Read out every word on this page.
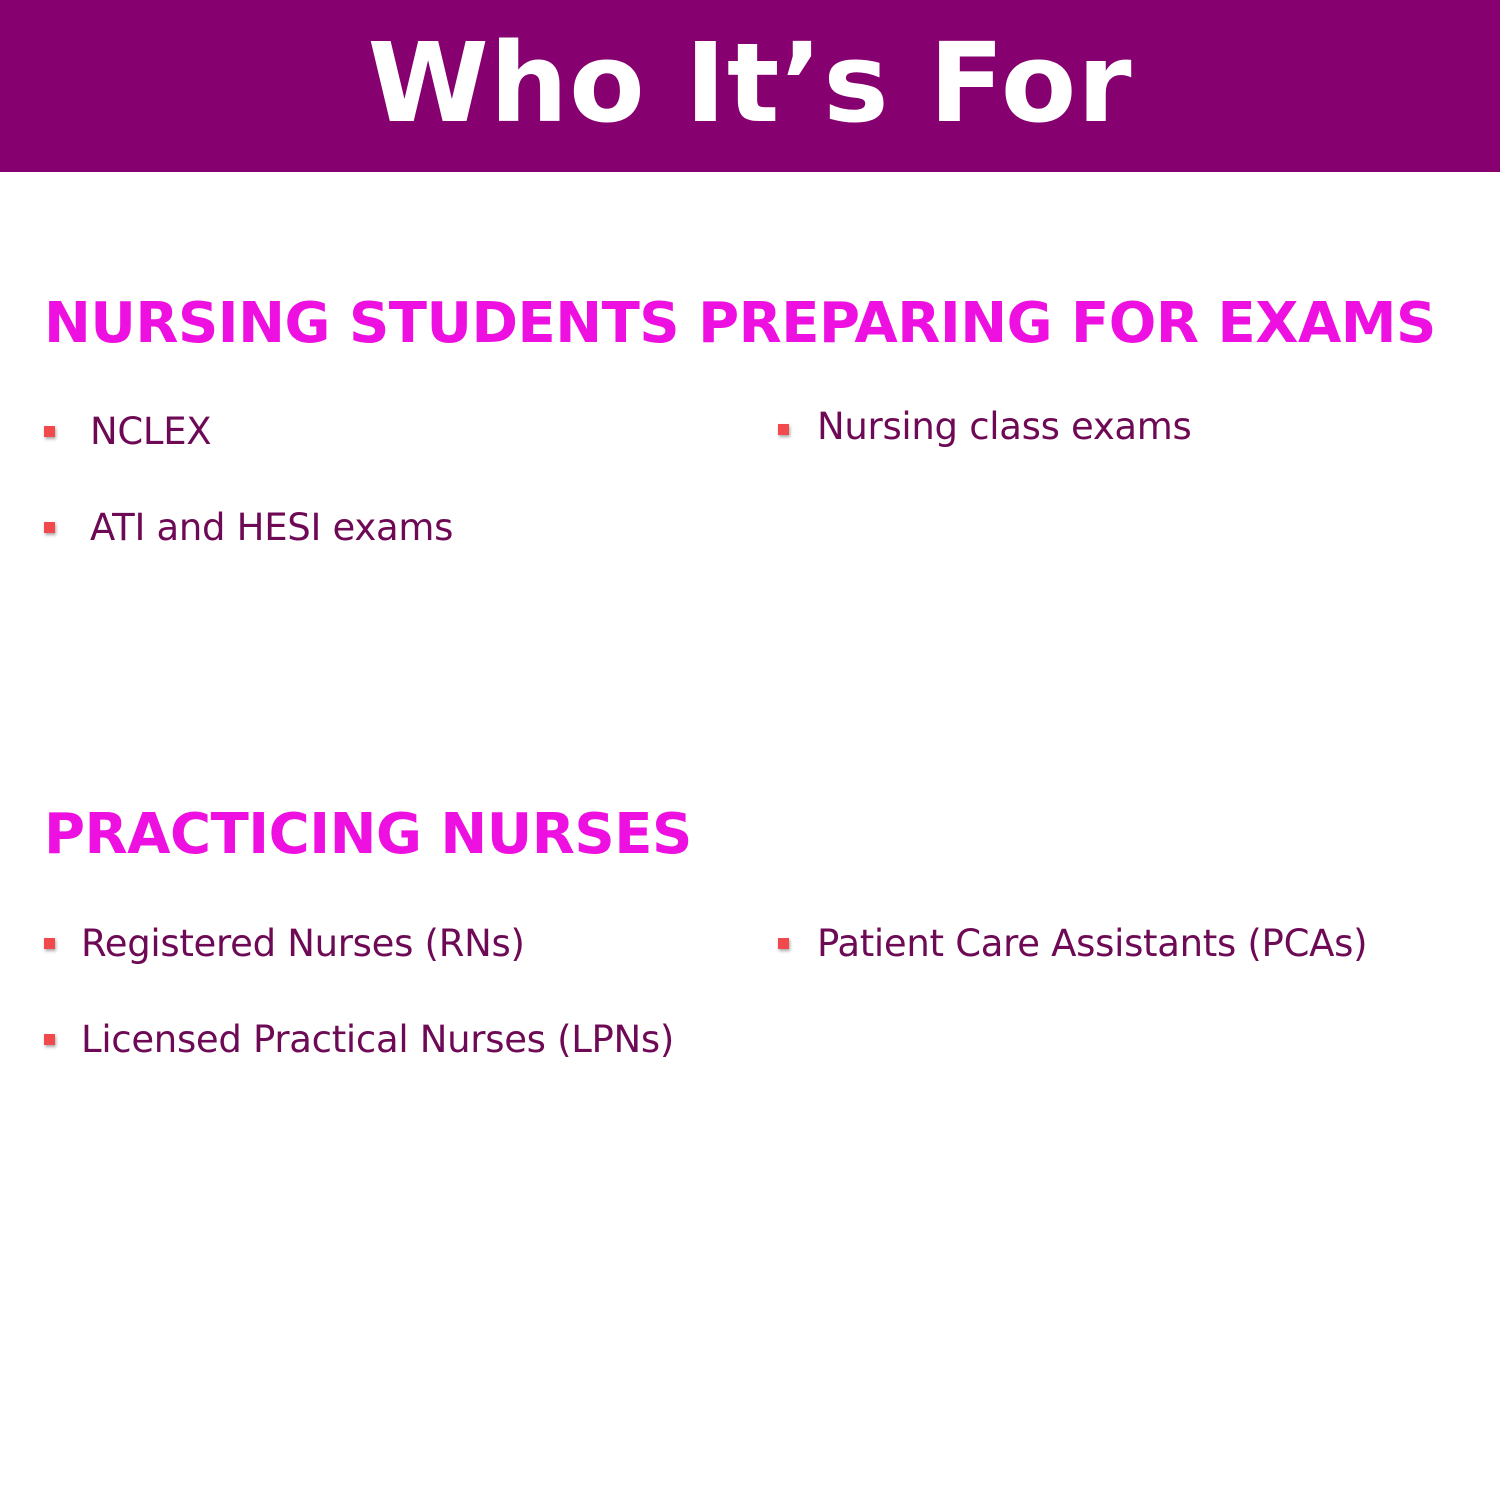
Who It’s For
NURSING STUDENTS PREPARING FOR EXAMS
NCLEX
ATI and HESI exams
Nursing class exams
PRACTICING NURSES
Registered Nurses (RNs)
Licensed Practical Nurses (LPNs)
Patient Care Assistants (PCAs)
